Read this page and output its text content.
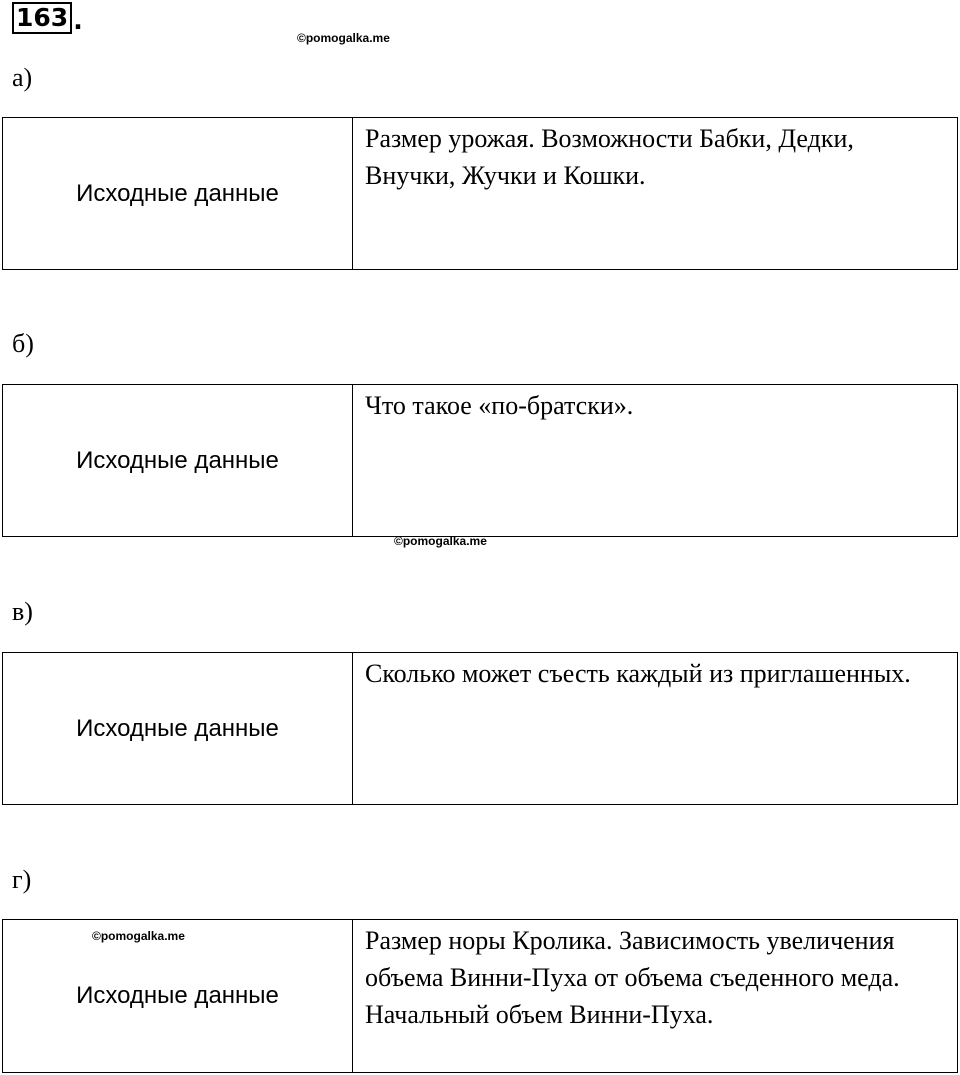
163 .
©pomogalka.me
а)
Исходные данные
Размер урожая. Возможности Бабки, Дедки, Внучки, Жучки и Кошки.
б)
Исходные данные
Что такое «по-братски».
©pomogalka.me
в)
Исходные данные
Сколько может съесть каждый из приглашенных.
г)
Исходные данные
Размер норы Кролика. Зависимость увеличения объема Винни-Пуха от объема съеденного меда. Начальный объем Винни-Пуха.
©pomogalka.me
